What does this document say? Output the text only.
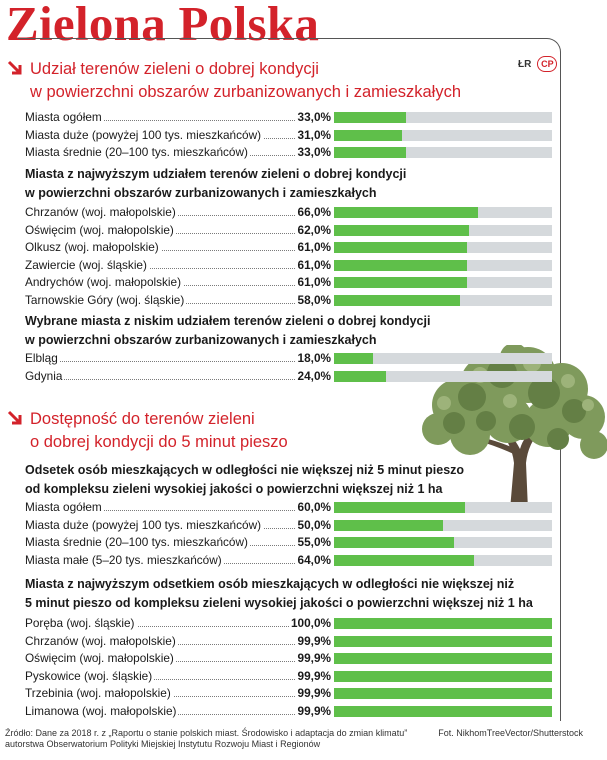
Zielona Polska
ŁR CP
Udział terenów zieleni o dobrej kondycji
w powierzchni obszarów zurbanizowanych i zamieszkałych
Dostępność do terenów zieleni
o dobrej kondycji do 5 minut pieszo
Miasta z najwyższym udziałem terenów zieleni o dobrej kondycji
w powierzchni obszarów zurbanizowanych i zamieszkałych
Wybrane miasta z niskim udziałem terenów zieleni o dobrej kondycji
w powierzchni obszarów zurbanizowanych i zamieszkałych
Odsetek osób mieszkających w odległości nie większej niż 5 minut pieszo
od kompleksu zieleni wysokiej jakości o powierzchni większej niż 1 ha
Miasta z najwyższym odsetkiem osób mieszkających w odległości nie większej niż
5 minut pieszo od kompleksu zieleni wysokiej jakości o powierzchni większej niż 1 ha
Miasta ogółem	33,0%
Miasta duże (powyżej 100 tys. mieszkańców)	31,0%
Miasta średnie (20–100 tys. mieszkańców)	33,0%
Chrzanów (woj. małopolskie)	66,0%
Oświęcim (woj. małopolskie)	62,0%
Olkusz (woj. małopolskie)	61,0%
Zawiercie (woj. śląskie)	61,0%
Andrychów (woj. małopolskie)	61,0%
Tarnowskie Góry (woj. śląskie)	58,0%
Elbląg	18,0%
Gdynia	24,0%
Miasta ogółem	60,0%
Miasta duże (powyżej 100 tys. mieszkańców)	50,0%
Miasta średnie (20–100 tys. mieszkańców)	55,0%
Miasta małe (5–20 tys. mieszkańców)	64,0%
Poręba (woj. śląskie)	100,0%
Chrzanów (woj. małopolskie)	99,9%
Oświęcim (woj. małopolskie)	99,9%
Pyskowice (woj. śląskie)	99,9%
Trzebinia (woj. małopolskie)	99,9%
Limanowa (woj. małopolskie)	99,9%
Źródło: Dane za 2018 r. z „Raportu o stanie polskich miast. Środowisko i adaptacja do zmian klimatu”
autorstwa Obserwatorium Polityki Miejskiej Instytutu Rozwoju Miast i Regionów
Fot. NikhomTreeVector/Shutterstock
